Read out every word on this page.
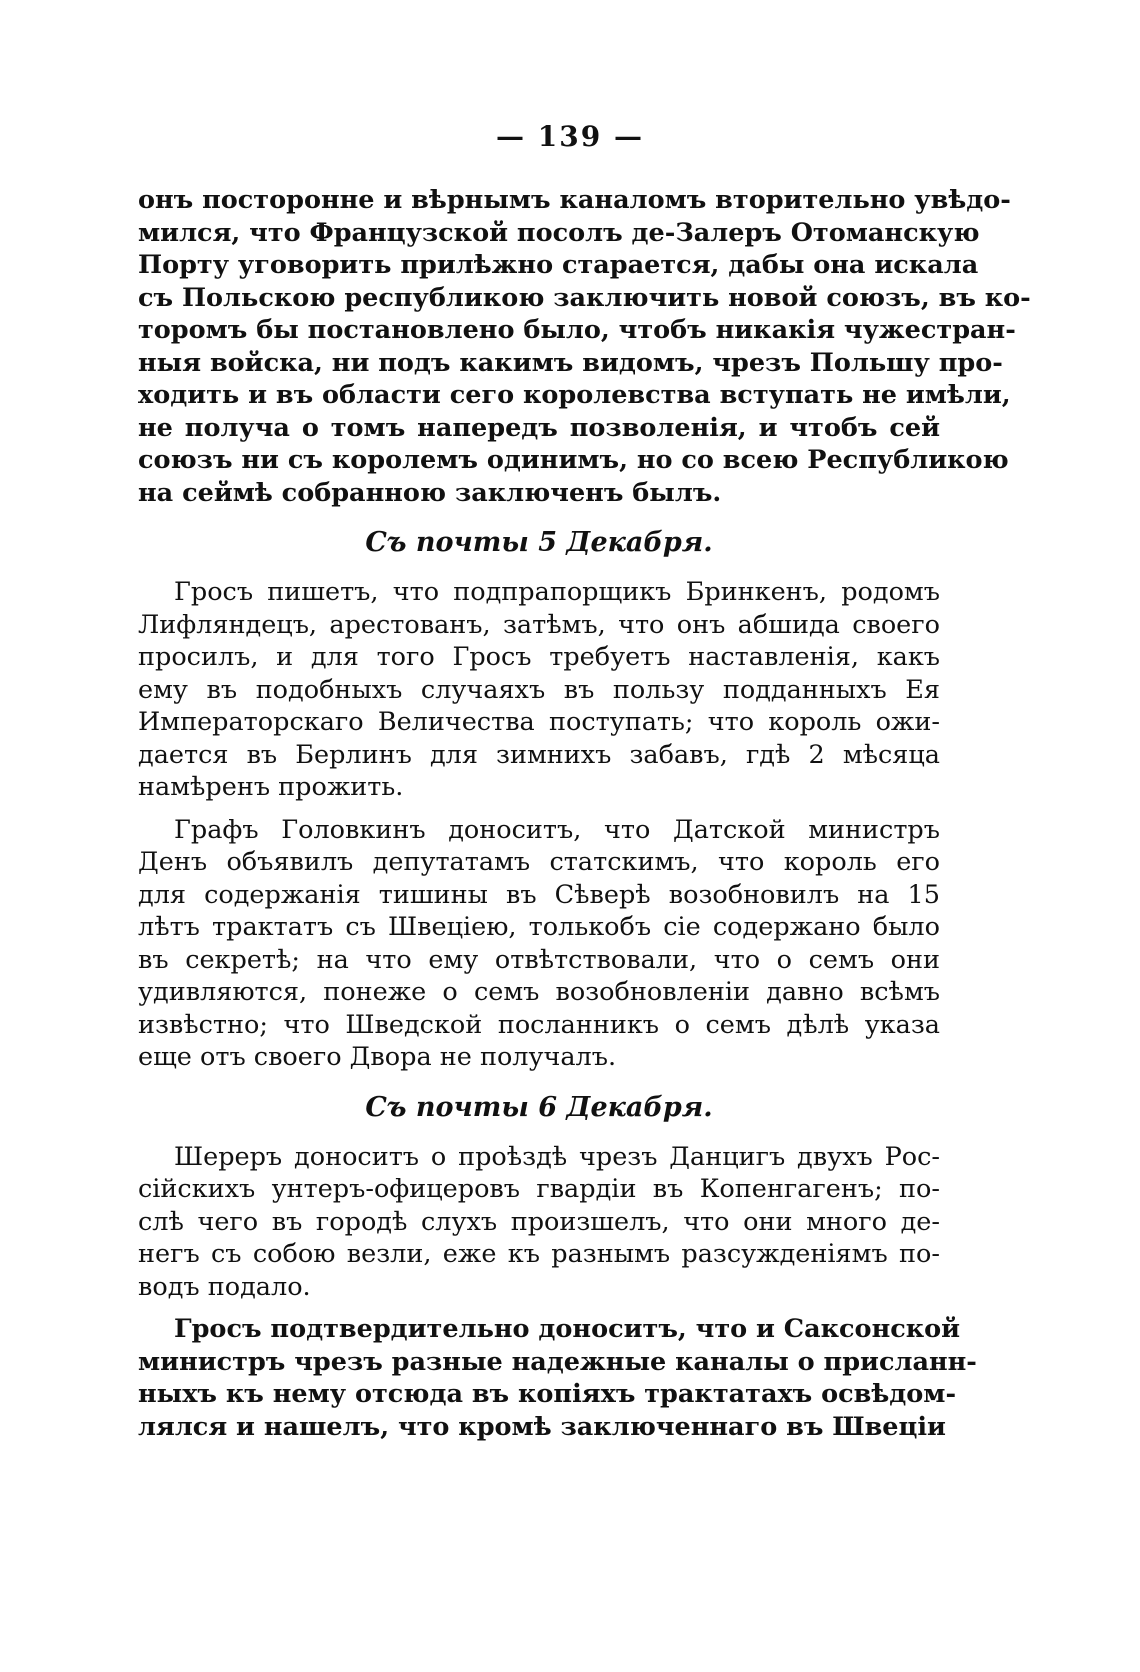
— 139 —
онъ посторонне и вѣрнымъ каналомъ вторительно увѣдо-
мился, что Французской посолъ де-Залеръ Отоманскую
Порту уговорить прилѣжно старается, дабы она искала
съ Польскою республикою заключить новой союзъ, въ ко-
торомъ бы постановлено было, чтобъ никакія чужестран-
ныя войска, ни подъ какимъ видомъ, чрезъ Польшу про-
ходить и въ области сего королевства вступать не имѣли,
не получа о томъ напередъ позволенія, и чтобъ сей
союзъ ни съ королемъ одинимъ, но со всею Республикою
на сеймѣ собранною заключенъ былъ.
Съ почты 5 Декабря.
Гросъ пишетъ, что подпрапорщикъ Бринкенъ, родомъ
Лифляндецъ, арестованъ, затѣмъ, что онъ абшида своего
просилъ, и для того Гросъ требуетъ наставленія, какъ
ему въ подобныхъ случаяхъ въ пользу подданныхъ Ея
Императорскаго Величества поступать; что король ожи-
дается въ Берлинъ для зимнихъ забавъ, гдѣ 2 мѣсяца
намѣренъ прожить.
Графъ Головкинъ доноситъ, что Датской министръ
Денъ объявилъ депутатамъ статскимъ, что король его
для содержанія тишины въ Сѣверѣ возобновилъ на 15
лѣтъ трактатъ съ Швеціею, толькобъ сіе содержано было
въ секретѣ; на что ему отвѣтствовали, что о семъ они
удивляются, понеже о семъ возобновленіи давно всѣмъ
извѣстно; что Шведской посланникъ о семъ дѣлѣ указа
еще отъ своего Двора не получалъ.
Съ почты 6 Декабря.
Шереръ доноситъ о проѣздѣ чрезъ Данцигъ двухъ Рос-
сійскихъ унтеръ-офицеровъ гвардіи въ Копенгагенъ; по-
слѣ чего въ городѣ слухъ произшелъ, что они много де-
негъ съ собою везли, еже къ разнымъ разсужденіямъ по-
водъ подало.
Гросъ подтвердительно доноситъ, что и Саксонской
министръ чрезъ разные надежные каналы о присланн-
ныхъ къ нему отсюда въ копіяхъ трактатахъ освѣдом-
лялся и нашелъ, что кромѣ заключеннаго въ Швеціи
